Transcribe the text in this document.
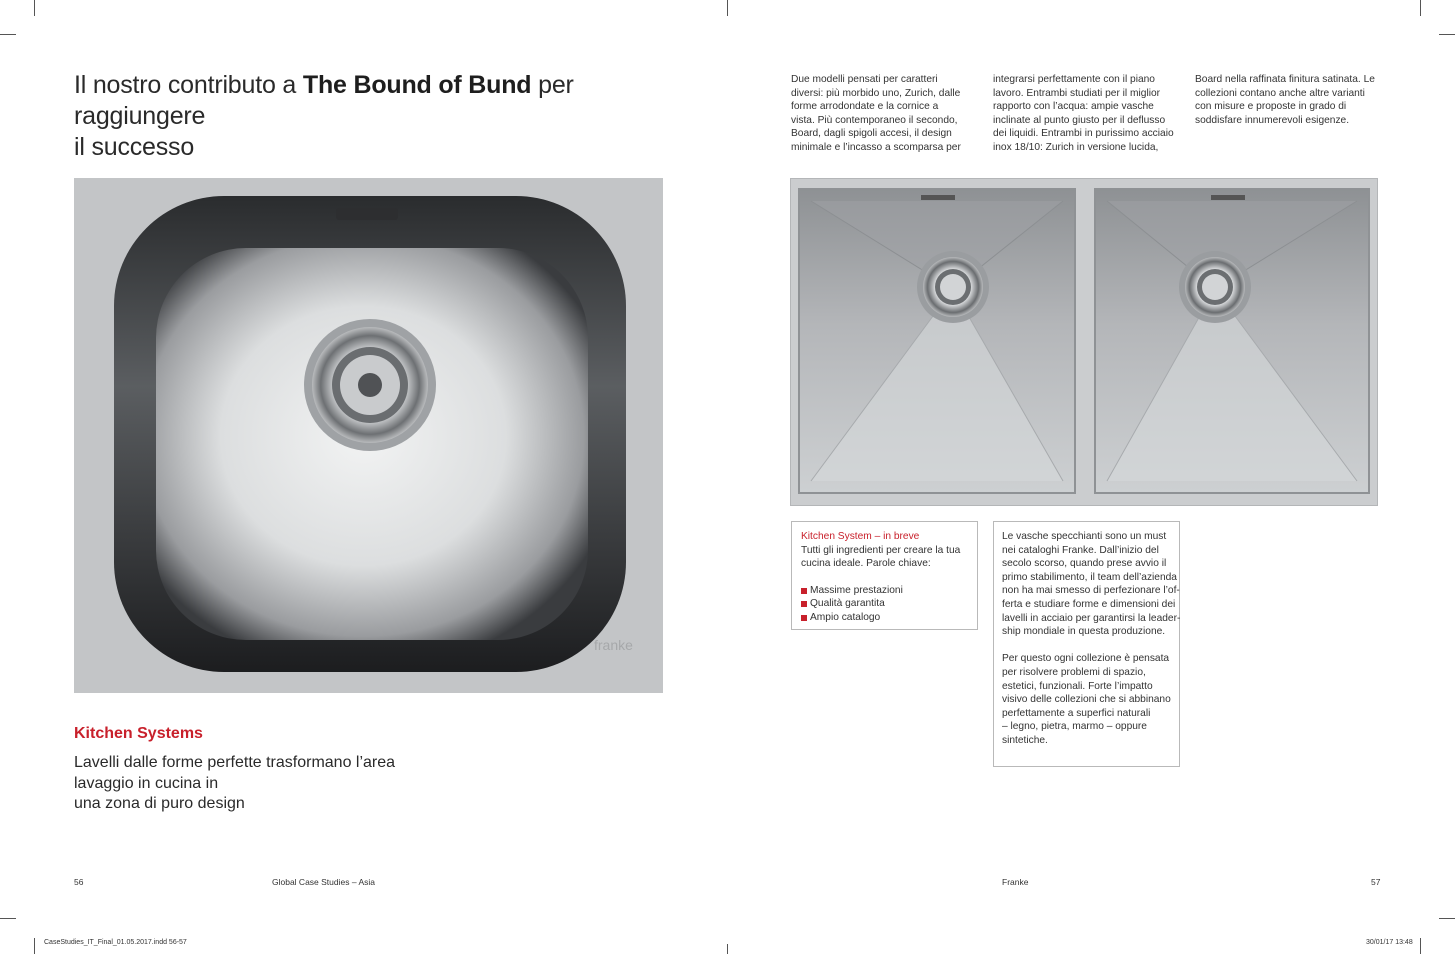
Il nostro contributo a The Bound of Bund per raggiungere
il successo
franke
Kitchen Systems
Lavelli dalle forme perfette trasformano l’area
lavaggio in cucina in
una zona di puro design
Due modelli pensati per caratteri
diversi: più morbido uno, Zurich, dalle
forme arrodondate e la cornice a
vista. Più contemporaneo il secondo,
Board, dagli spigoli accesi, il design
minimale e l’incasso a scomparsa per
integrarsi perfettamente con il piano
lavoro. Entrambi studiati per il miglior
rapporto con l’acqua: ampie vasche
inclinate al punto giusto per il deflusso
dei liquidi. Entrambi in purissimo acciaio
inox 18/10: Zurich in versione lucida,
Board nella raffinata finitura satinata. Le
collezioni contano anche altre varianti
con misure e proposte in grado di
soddisfare innumerevoli esigenze.
Kitchen System – in breve
Tutti gli ingredienti per creare la tua
cucina ideale. Parole chiave:
Massime prestazioni
Qualità garantita
Ampio catalogo
Le vasche specchianti sono un must
nei cataloghi Franke. Dall’inizio del
secolo scorso, quando prese avvio il
primo stabilimento, il team dell’azienda
non ha mai smesso di perfezionare l’of-
ferta e studiare forme e dimensioni dei
lavelli in acciaio per garantirsi la leader-
ship mondiale in questa produzione.
Per questo ogni collezione è pensata
per risolvere problemi di spazio,
estetici, funzionali. Forte l’impatto
visivo delle collezioni che si abbinano
perfettamente a superfici naturali
– legno, pietra, marmo – oppure
sintetiche.
56	Global Case Studies – Asia	Franke	57
CaseStudies_IT_Final_01.05.2017.indd 56-57	30/01/17 13:48
